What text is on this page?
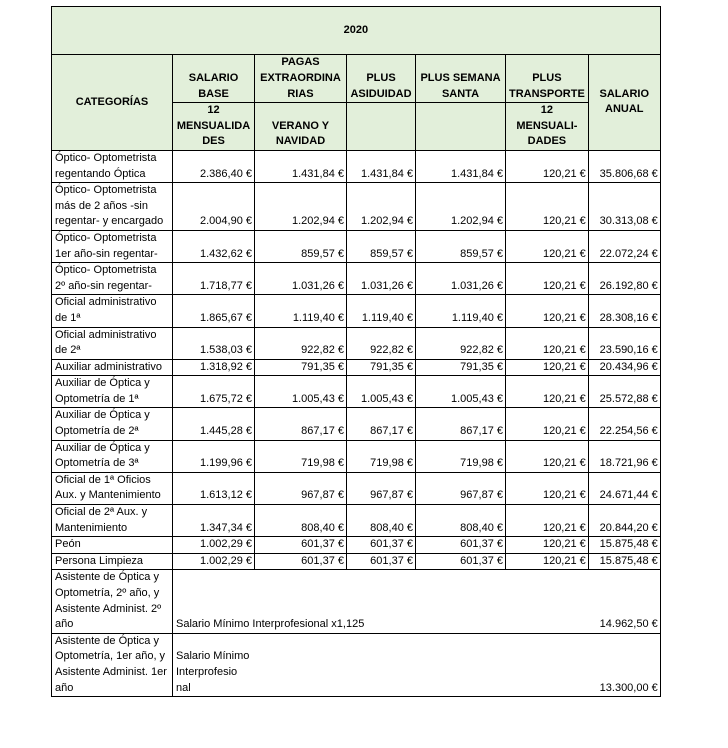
2020						
CATEGORÍAS	SALARIO BASE	PAGAS EXTRAORDINA RIAS	PLUS ASIDUIDAD	PLUS SEMANA SANTA	PLUS TRANSPORTE	SALARIO ANUAL
	12 MENSUALIDA DES	VERANO Y NAVIDAD			12 MENSUALI- DADES	
Óptico- Optometrista regentando Óptica	2.386,40 €	1.431,84 €	1.431,84 €	1.431,84 €	120,21 €	35.806,68 €
Óptico- Optometrista más de 2 años -sin regentar- y encargado	2.004,90 €	1.202,94 €	1.202,94 €	1.202,94 €	120,21 €	30.313,08 €
Óptico- Optometrista 1er año-sin regentar-	1.432,62 €	859,57 €	859,57 €	859,57 €	120,21 €	22.072,24 €
Óptico- Optometrista 2º año-sin regentar-	1.718,77 €	1.031,26 €	1.031,26 €	1.031,26 €	120,21 €	26.192,80 €
Oficial administrativo de 1ª	1.865,67 €	1.119,40 €	1.119,40 €	1.119,40 €	120,21 €	28.308,16 €
Oficial administrativo de 2ª	1.538,03 €	922,82 €	922,82 €	922,82 €	120,21 €	23.590,16 €
Auxiliar administrativo	1.318,92 €	791,35 €	791,35 €	791,35 €	120,21 €	20.434,96 €
Auxiliar de Óptica y Optometría de 1ª	1.675,72 €	1.005,43 €	1.005,43 €	1.005,43 €	120,21 €	25.572,88 €
Auxiliar de Óptica y Optometría de 2ª	1.445,28 €	867,17 €	867,17 €	867,17 €	120,21 €	22.254,56 €
Auxiliar de Óptica y Optometría de 3ª	1.199,96 €	719,98 €	719,98 €	719,98 €	120,21 €	18.721,96 €
Oficial de 1ª Oficios Aux. y Mantenimiento	1.613,12 €	967,87 €	967,87 €	967,87 €	120,21 €	24.671,44 €
Oficial de 2ª Aux. y Mantenimiento	1.347,34 €	808,40 €	808,40 €	808,40 €	120,21 €	20.844,20 €
Peón	1.002,29 €	601,37 €	601,37 €	601,37 €	120,21 €	15.875,48 €
Persona Limpieza	1.002,29 €	601,37 €	601,37 €	601,37 €	120,21 €	15.875,48 €
Asistente de Óptica y Optometría, 2º año, y Asistente Administ. 2º año	Salario Mínimo Interprofesional x1,125					14.962,50 €
Asistente de Óptica y Optometría, 1er año, y Asistente Administ. 1er año	Salario Mínimo Interprofesio nal					13.300,00 €
